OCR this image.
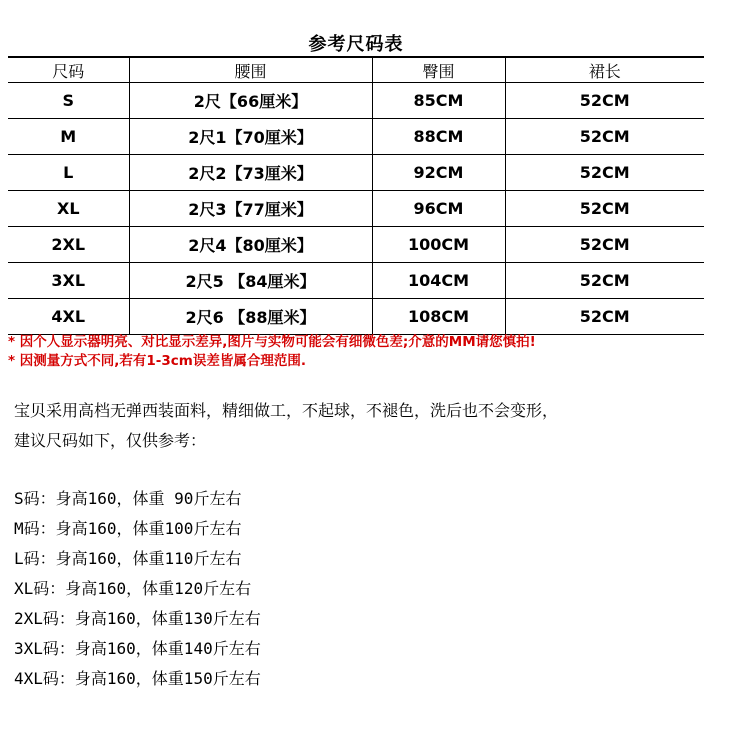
参考尺码表
尺码	腰围	臀围	裙长
S	2尺【66厘米】	85CM	52CM
M	2尺1【70厘米】	88CM	52CM
L	2尺2【73厘米】	92CM	52CM
XL	2尺3【77厘米】	96CM	52CM
2XL	2尺4【80厘米】	100CM	52CM
3XL	2尺5 【84厘米】	104CM	52CM
4XL	2尺6 【88厘米】	108CM	52CM
* 因个人显示器明亮、对比显示差异,图片与实物可能会有细微色差;介意的MM请您慎拍!
* 因测量方式不同,若有1-3cm误差皆属合理范围.
宝贝采用高档无弹西装面料，精细做工，不起球，不褪色，洗后也不会变形，
建议尺码如下，仅供参考：
S码：身高160，体重 90斤左右
M码：身高160，体重100斤左右
L码：身高160，体重110斤左右
XL码：身高160，体重120斤左右
2XL码：身高160，体重130斤左右
3XL码：身高160，体重140斤左右
4XL码：身高160，体重150斤左右
